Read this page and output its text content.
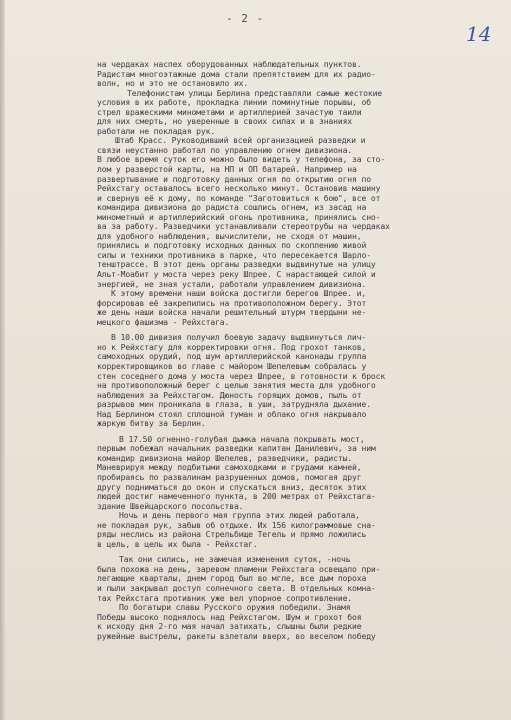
- 2 -
14
на чердаках наспех оборудованных наблюдательных пунктов.
Радистам многоэтажные дома стали препятствием для их радио-
волн, но и это не остановило их.
Телефонистам улицы Берлина представляли самые жестокие
условия в их работе, прокладка линии поминутные порывы, об
стрел вражескими минометами и артиллерией зачастую таили
для них смерть, но уверенные в своих силах и в знаниях
работали не покладая рук.
Штаб Красс. Руководивший всей организацией разведки и
связи неустанно работал по управлению огнем дивизиона.
В любое время суток его можно было видеть у телефона, за сто-
лом у разверстой карты, на НП и ОП батарей. Например на
развертывание и подготовку данных огня по открытию огня по
Рейхстагу оставалось всего несколько минут. Остановив машину
и свернув её к дому, по команде "Заготовиться к бою", все от
командира дивизиона до радиста сошлись огнем, из засад на
минометный и артиллерийский огонь противника, принялись сно-
ва за работу. Разведчики устанавливали стереотрубы на чердаках
для удобного наблюдения, вычислители, не сходя от машин,
принялись и подготовку исходных данных по скоплению живой
силы и техники противника в парке, что пересекается Шарло-
тенштрассе. В этот день органы разведки выдвинутые на улицу
Альт-Моабит у моста через реку Шпрее. С нарастающей силой и
энергией, не зная устали, работали управлением дивизиона.
К этому времени наши войска достигли берегов Шпрее. и,
форсировав её закрепились на противоположном берегу. Этот
же день наши войска начали решительный штурм твердыни не-
мецкого фашизма - Рейхстага.
В 10.00 дивизия получил боевую задачу выдвинуться лич-
но к Рейхстагу для корректировки огня. Под грохот танков,
самоходных орудий, под шум артиллерийской канонады группа
корректировщиков во главе с майором Шепелевым собралась у
стен соседнего дома у моста через Шпрее, в готовности к броск
на противоположный берег с целью занятия места для удобного
наблюдения за Рейхстагом. Дюность горящих домов, пыль от
разрывов мин проникала в глаза, в уши, затрудняла дыхание.
Над Берлином стоял сплошной туман и облако огня накрывало
жаркую битву за Берлин.
В 17.50 огненно-голубая дымка начала покрывать мост,
первым побежал начальник разведки капитан Данилевич, за ним
командир дивизиона майор Шепелев, разведчики, радисты.
Маневрируя между подбитыми самоходками и грудами камней,
пробираясь по развалинам разрушенных домов, помогая друг
другу подниматься до окон и спускаться вниз, десяток этих
людей достиг намеченного пункта, в 200 метрах от Рейхстага-
здание Швейцарского посольства.
Ночь и день первого мая группа этих людей работала,
не покладая рук, забыв об отдыхе. Их 156 килограммовые сна-
ряды неслись из района Стрельбище Тегель и прямо ложились
в цель, в цель их была - Рейхстаг.
Так они сились, не замечая изменения суток, -ночь
была похожа на день, заревом пламени Рейхстага освещало при-
легающие кварталы, днем город был во мгле, все дым пороха
и пыли закрывал доступ солнечного света. В отдельных комна-
тах Рейхстага противник уже вел упорное сопротивление.
По богатыри славы Русского оружия победили. Знамя
Победы высоко поднялось над Рейхстагом. Шум и грохот боя
к исходу дня 2-го мая начал затихать, слышны были редкие
ружейные выстрелы, ракеты взлетали вверх, во веселом победу
